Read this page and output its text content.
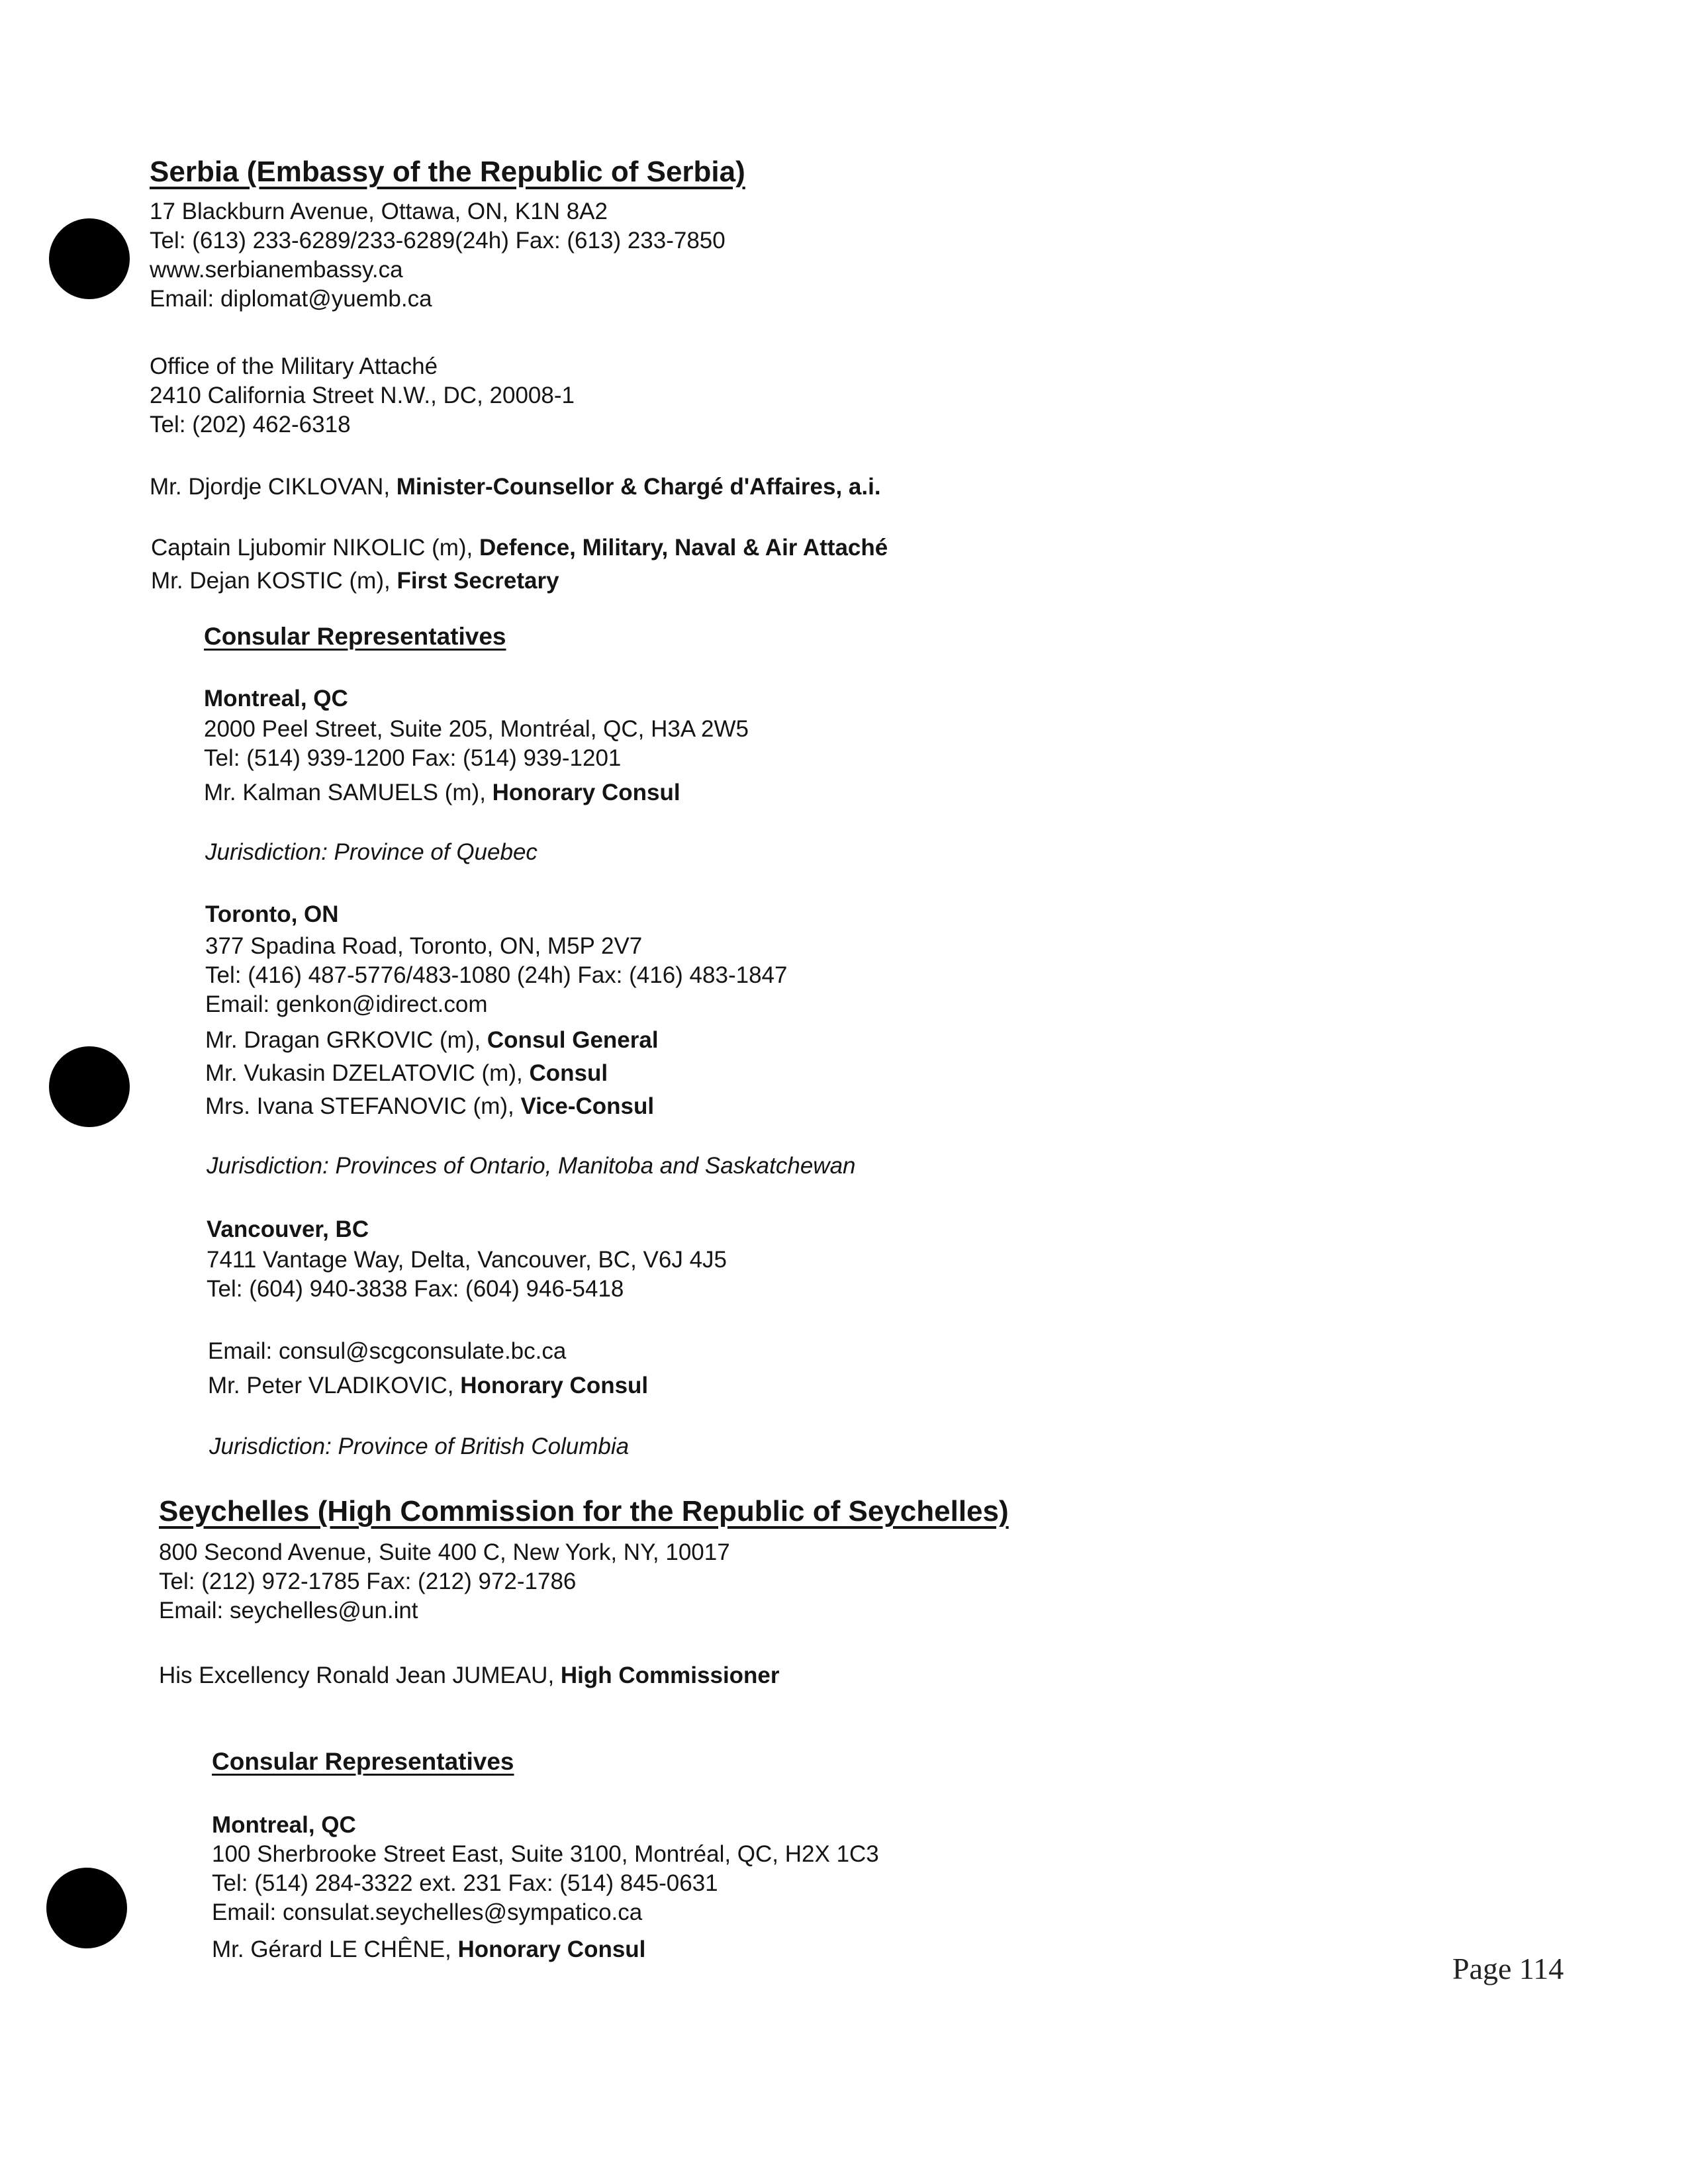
Serbia (Embassy of the Republic of Serbia)
17 Blackburn Avenue, Ottawa, ON, K1N 8A2
Tel: (613) 233-6289/233-6289(24h) Fax: (613) 233-7850
www.serbianembassy.ca
Email: diplomat@yuemb.ca
Office of the Military Attaché
2410 California Street N.W., DC, 20008-1
Tel: (202) 462-6318
Mr. Djordje CIKLOVAN, Minister-Counsellor & Chargé d'Affaires, a.i.
Captain Ljubomir NIKOLIC (m), Defence, Military, Naval & Air Attaché
Mr. Dejan KOSTIC (m), First Secretary
Consular Representatives
Montreal, QC
2000 Peel Street, Suite 205, Montréal, QC, H3A 2W5
Tel: (514) 939-1200 Fax: (514) 939-1201
Mr. Kalman SAMUELS (m), Honorary Consul
Jurisdiction: Province of Quebec
Toronto, ON
377 Spadina Road, Toronto, ON, M5P 2V7
Tel: (416) 487-5776/483-1080 (24h) Fax: (416) 483-1847
Email: genkon@idirect.com
Mr. Dragan GRKOVIC (m), Consul General
Mr. Vukasin DZELATOVIC (m), Consul
Mrs. Ivana STEFANOVIC (m), Vice-Consul
Jurisdiction: Provinces of Ontario, Manitoba and Saskatchewan
Vancouver, BC
7411 Vantage Way, Delta, Vancouver, BC, V6J 4J5
Tel: (604) 940-3838 Fax: (604) 946-5418
Email: consul@scgconsulate.bc.ca
Mr. Peter VLADIKOVIC, Honorary Consul
Jurisdiction: Province of British Columbia
Seychelles (High Commission for the Republic of Seychelles)
800 Second Avenue, Suite 400 C, New York, NY, 10017
Tel: (212) 972-1785 Fax: (212) 972-1786
Email: seychelles@un.int
His Excellency Ronald Jean JUMEAU, High Commissioner
Consular Representatives
Montreal, QC
100 Sherbrooke Street East, Suite 3100, Montréal, QC, H2X 1C3
Tel: (514) 284-3322 ext. 231 Fax: (514) 845-0631
Email: consulat.seychelles@sympatico.ca
Mr. Gérard LE CHÊNE, Honorary Consul
Page 114
